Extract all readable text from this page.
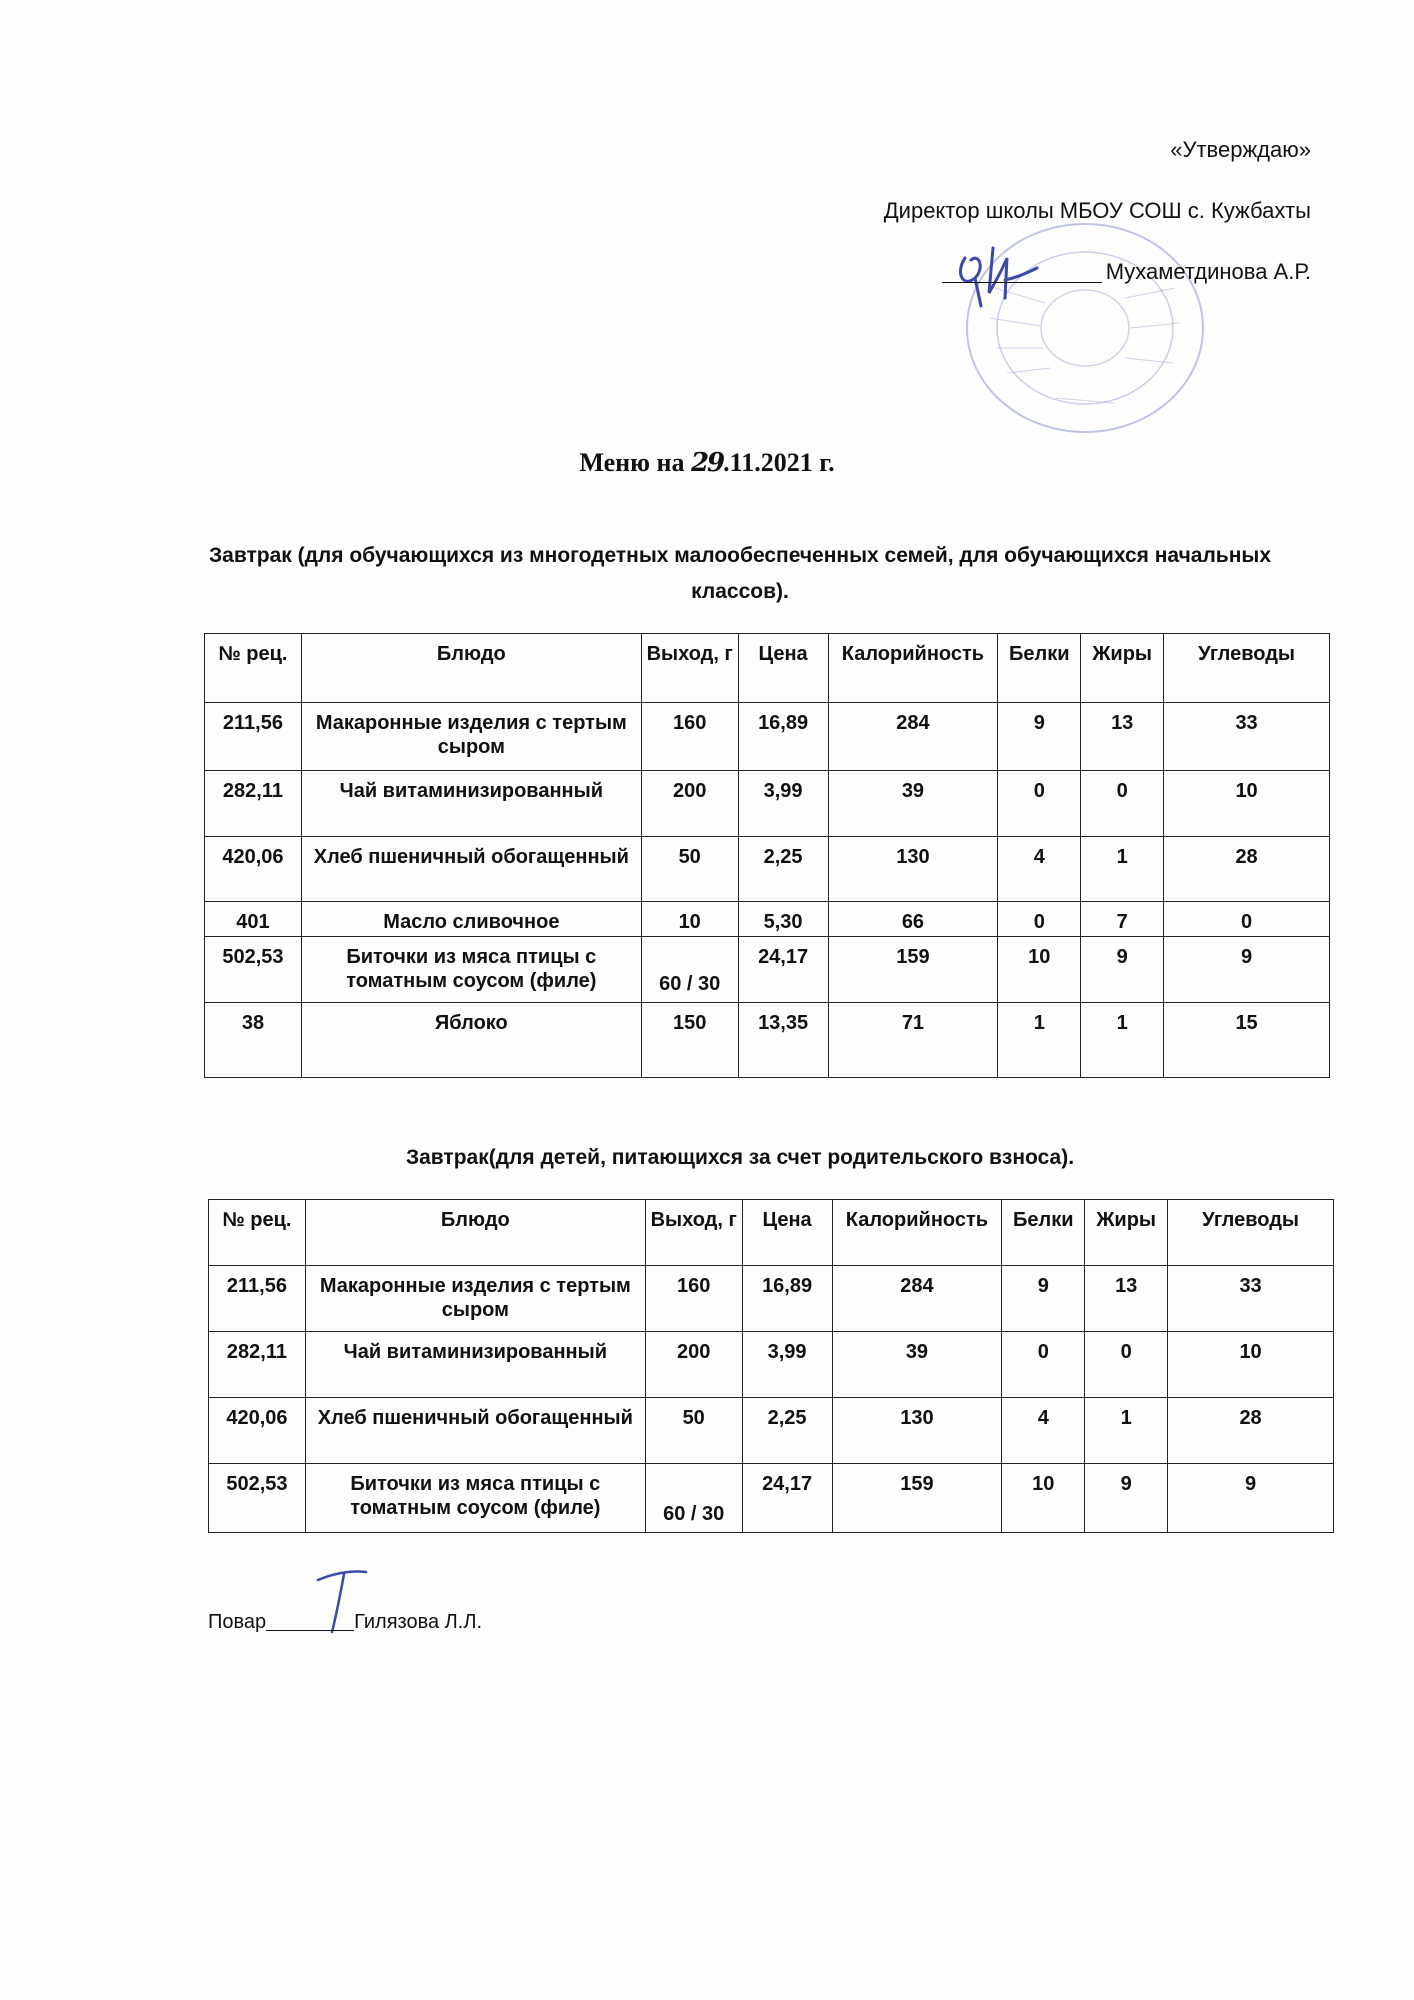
«Утверждаю»
Директор школы МБОУ СОШ с. Кужбахты
Мухаметдинова А.Р.
Меню на 29.11.2021 г.
Завтрак (для обучающихся из многодетных малообеспеченных семей, для обучающихся начальных классов).
№ рец.	Блюдо	Выход, г	Цена	Калорийность	Белки	Жиры	Углеводы
211,56	Макаронные изделия с тертым сыром	160	16,89	284	9	13	33
282,11	Чай витаминизированный	200	3,99	39	0	0	10
420,06	Хлеб пшеничный обогащенный	50	2,25	130	4	1	28
401	Масло сливочное	10	5,30	66	0	7	0
502,53	Биточки из мяса птицы с томатным соусом (филе)	60 / 30	24,17	159	10	9	9
38	Яблоко	150	13,35	71	1	1	15
Завтрак(для детей, питающихся за счет родительского взноса).
№ рец.	Блюдо	Выход, г	Цена	Калорийность	Белки	Жиры	Углеводы
211,56	Макаронные изделия с тертым сыром	160	16,89	284	9	13	33
282,11	Чай витаминизированный	200	3,99	39	0	0	10
420,06	Хлеб пшеничный обогащенный	50	2,25	130	4	1	28
502,53	Биточки из мяса птицы с томатным соусом (филе)	60 / 30	24,17	159	10	9	9
Повар	Гилязова Л.Л.
